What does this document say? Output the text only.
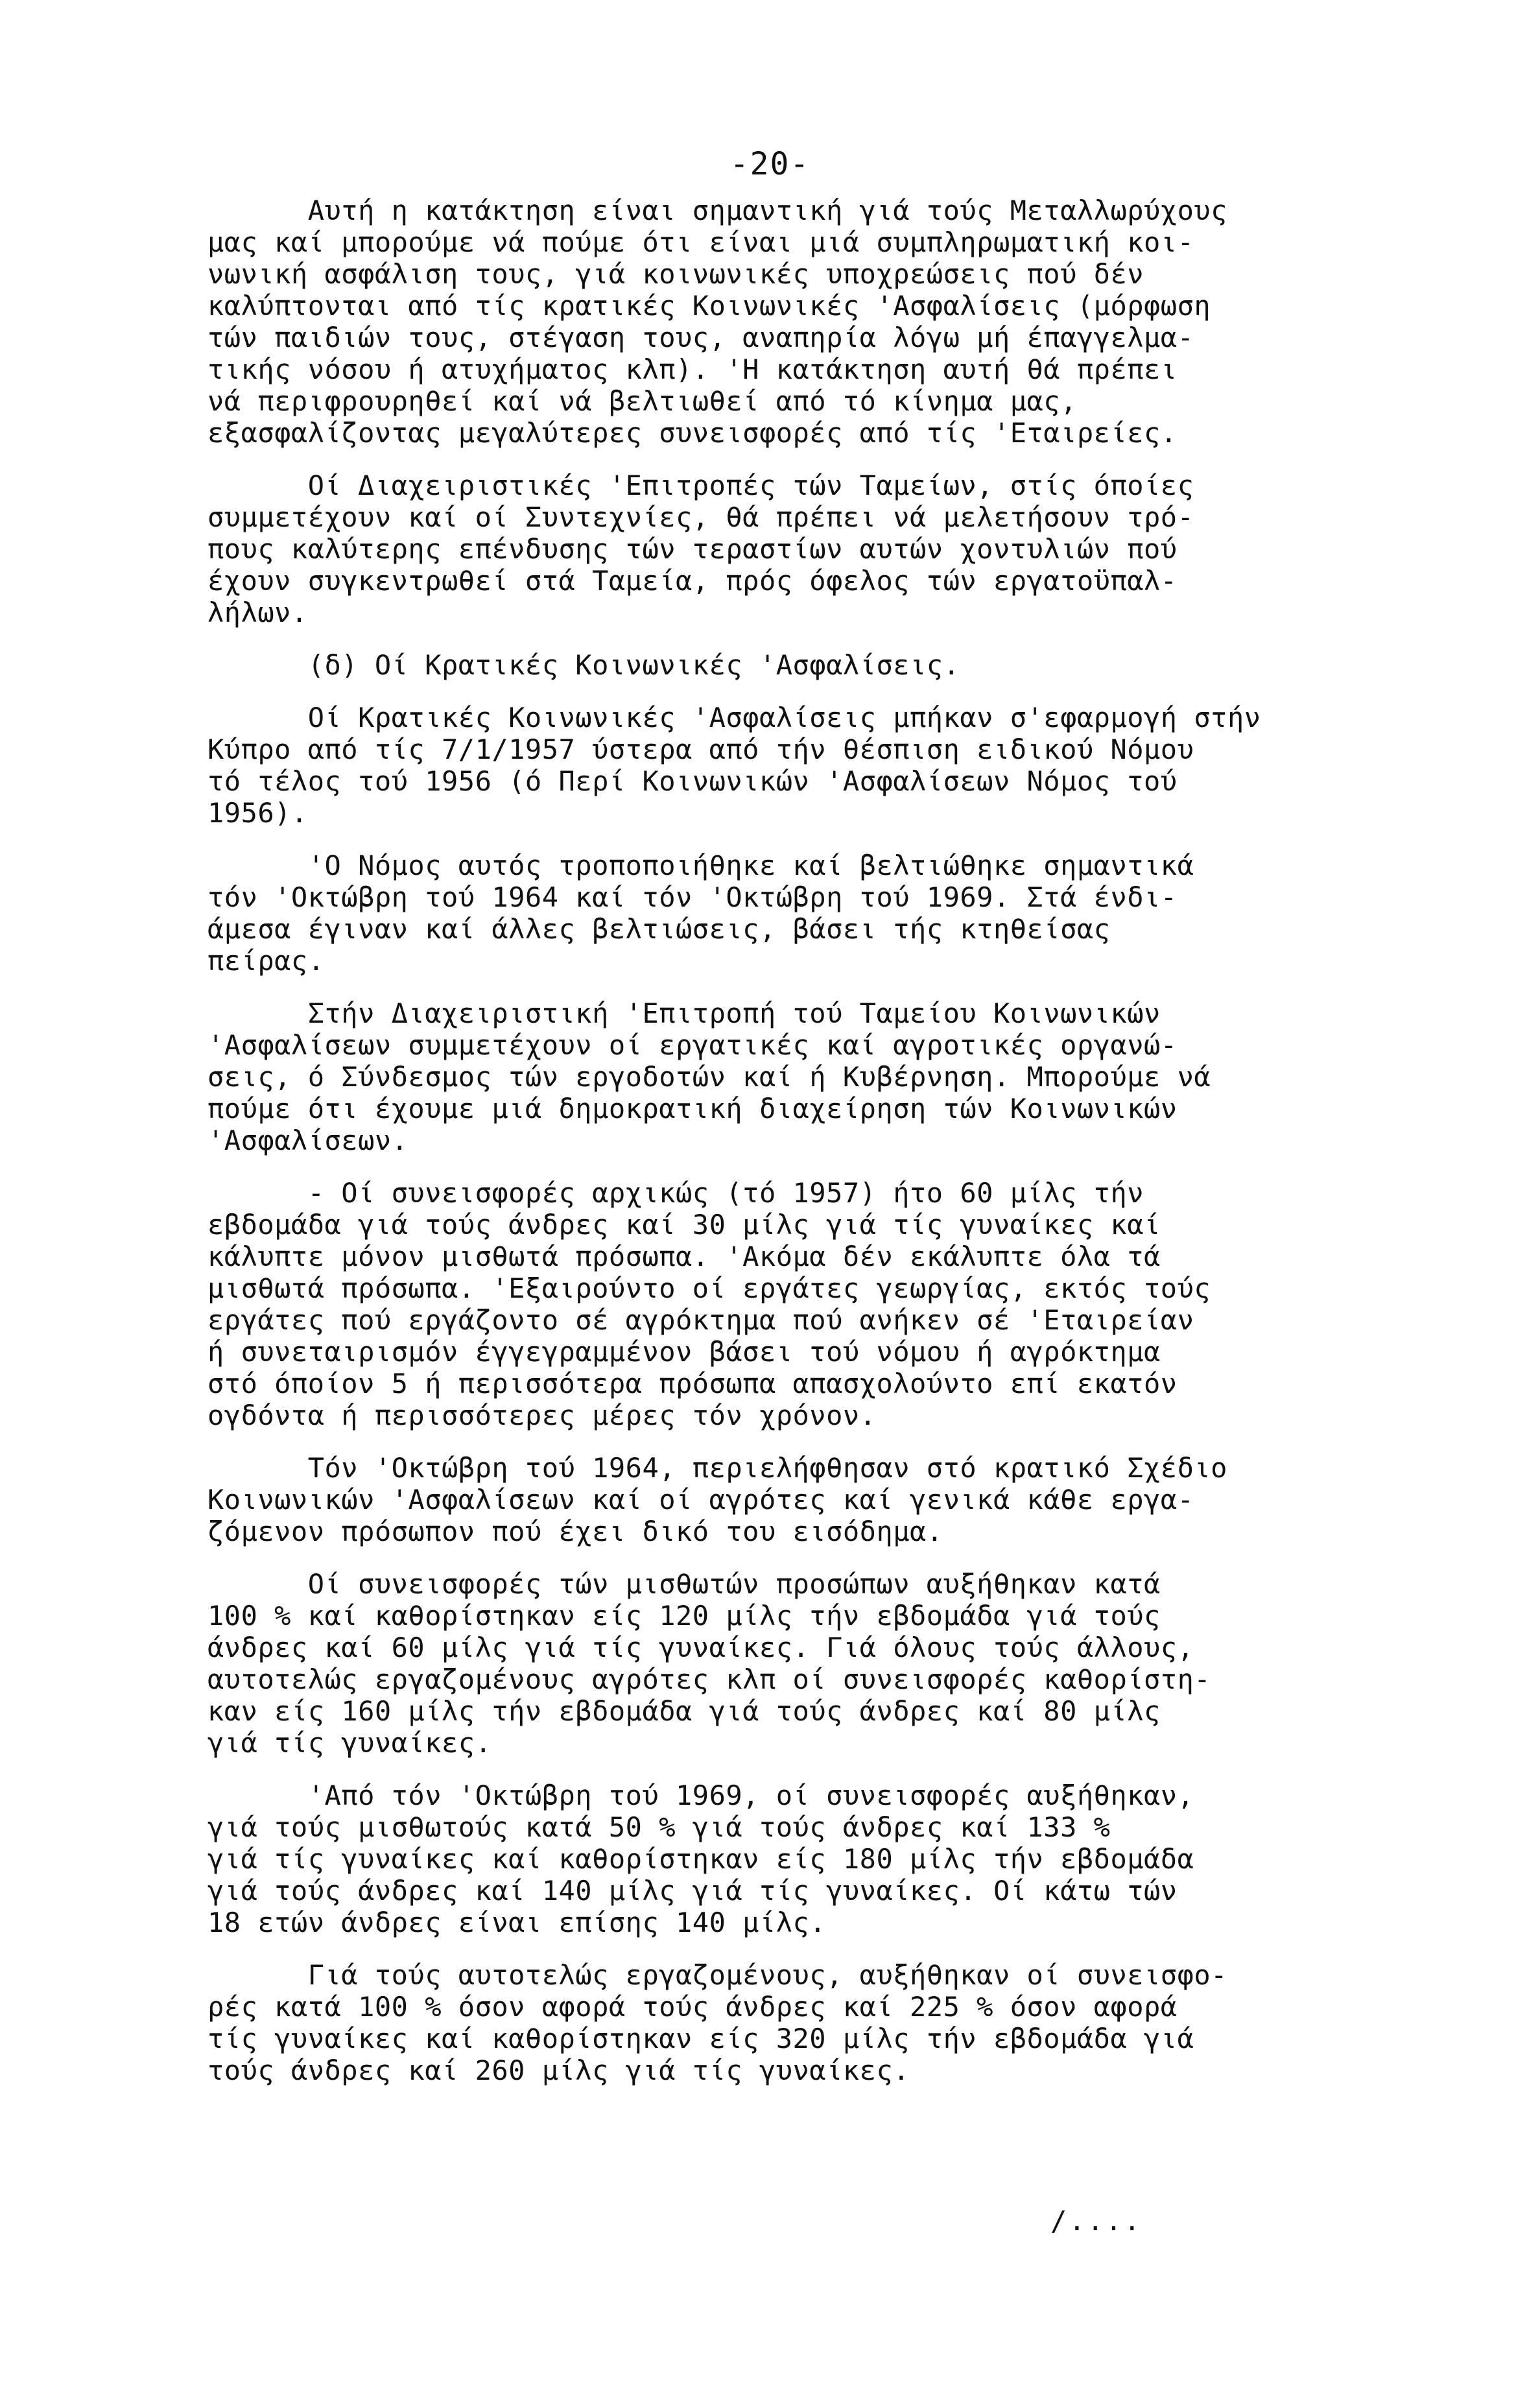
-20-
Αυτή η κατάκτηση είναι σημαντική γιά τούς Μεταλλωρύχους
μας καί μπορούμε νά πούμε ότι είναι μιά συμπληρωματική κοι-
νωνική ασφάλιση τους, γιά κοινωνικές υποχρεώσεις πού δέν
καλύπτονται από τίς κρατικές Κοινωνικές 'Ασφαλίσεις (μόρφωση
τών παιδιών τους, στέγαση τους, αναπηρία λόγω μή έπαγγελμα-
τικής νόσου ή ατυχήματος κλπ). 'Η κατάκτηση αυτή θά πρέπει
νά περιφρουρηθεί καί νά βελτιωθεί από τό κίνημα μας,
εξασφαλίζοντας μεγαλύτερες συνεισφορές από τίς 'Εταιρείες.
Οί Διαχειριστικές 'Επιτροπές τών Ταμείων, στίς όποίες
συμμετέχουν καί οί Συντεχνίες, θά πρέπει νά μελετήσουν τρό-
πους καλύτερης επένδυσης τών τεραστίων αυτών χοντυλιών πού
έχουν συγκεντρωθεί στά Ταμεία, πρός όφελος τών εργατοϋπαλ-
λήλων.
(δ) Οί Κρατικές Κοινωνικές 'Ασφαλίσεις.
Οί Κρατικές Κοινωνικές 'Ασφαλίσεις μπήκαν σ'εφαρμογή στήν
Κύπρο από τίς 7/1/1957 ύστερα από τήν θέσπιση ειδικού Νόμου
τό τέλος τού 1956 (ό Περί Κοινωνικών 'Ασφαλίσεων Νόμος τού
1956).
'Ο Νόμος αυτός τροποποιήθηκε καί βελτιώθηκε σημαντικά
τόν 'Οκτώβρη τού 1964 καί τόν 'Οκτώβρη τού 1969. Στά ένδι-
άμεσα έγιναν καί άλλες βελτιώσεις, βάσει τής κτηθείσας
πείρας.
Στήν Διαχειριστική 'Επιτροπή τού Ταμείου Κοινωνικών
'Ασφαλίσεων συμμετέχουν οί εργατικές καί αγροτικές οργανώ-
σεις, ό Σύνδεσμος τών εργοδοτών καί ή Κυβέρνηση. Μπορούμε νά
πούμε ότι έχουμε μιά δημοκρατική διαχείρηση τών Κοινωνικών
'Ασφαλίσεων.
- Οί συνεισφορές αρχικώς (τό 1957) ήτο 60 μίλς τήν
εβδομάδα γιά τούς άνδρες καί 30 μίλς γιά τίς γυναίκες καί
κάλυπτε μόνον μισθωτά πρόσωπα. 'Ακόμα δέν εκάλυπτε όλα τά
μισθωτά πρόσωπα. 'Εξαιρούντο οί εργάτες γεωργίας, εκτός τούς
εργάτες πού εργάζοντο σέ αγρόκτημα πού ανήκεν σέ 'Εταιρείαν
ή συνεταιρισμόν έγγεγραμμένον βάσει τού νόμου ή αγρόκτημα
στό όποίον 5 ή περισσότερα πρόσωπα απασχολούντο επί εκατόν
ογδόντα ή περισσότερες μέρες τόν χρόνον.
Τόν 'Οκτώβρη τού 1964, περιελήφθησαν στό κρατικό Σχέδιο
Κοινωνικών 'Ασφαλίσεων καί οί αγρότες καί γενικά κάθε εργα-
ζόμενον πρόσωπον πού έχει δικό του εισόδημα.
Οί συνεισφορές τών μισθωτών προσώπων αυξήθηκαν κατά
100 % καί καθορίστηκαν είς 120 μίλς τήν εβδομάδα γιά τούς
άνδρες καί 60 μίλς γιά τίς γυναίκες. Γιά όλους τούς άλλους,
αυτοτελώς εργαζομένους αγρότες κλπ οί συνεισφορές καθορίστη-
καν είς 160 μίλς τήν εβδομάδα γιά τούς άνδρες καί 80 μίλς
γιά τίς γυναίκες.
'Από τόν 'Οκτώβρη τού 1969, οί συνεισφορές αυξήθηκαν,
γιά τούς μισθωτούς κατά 50 % γιά τούς άνδρες καί 133 %
γιά τίς γυναίκες καί καθορίστηκαν είς 180 μίλς τήν εβδομάδα
γιά τούς άνδρες καί 140 μίλς γιά τίς γυναίκες. Οί κάτω τών
18 ετών άνδρες είναι επίσης 140 μίλς.
Γιά τούς αυτοτελώς εργαζομένους, αυξήθηκαν οί συνεισφο-
ρές κατά 100 % όσον αφορά τούς άνδρες καί 225 % όσον αφορά
τίς γυναίκες καί καθορίστηκαν είς 320 μίλς τήν εβδομάδα γιά
τούς άνδρες καί 260 μίλς γιά τίς γυναίκες.
/....
